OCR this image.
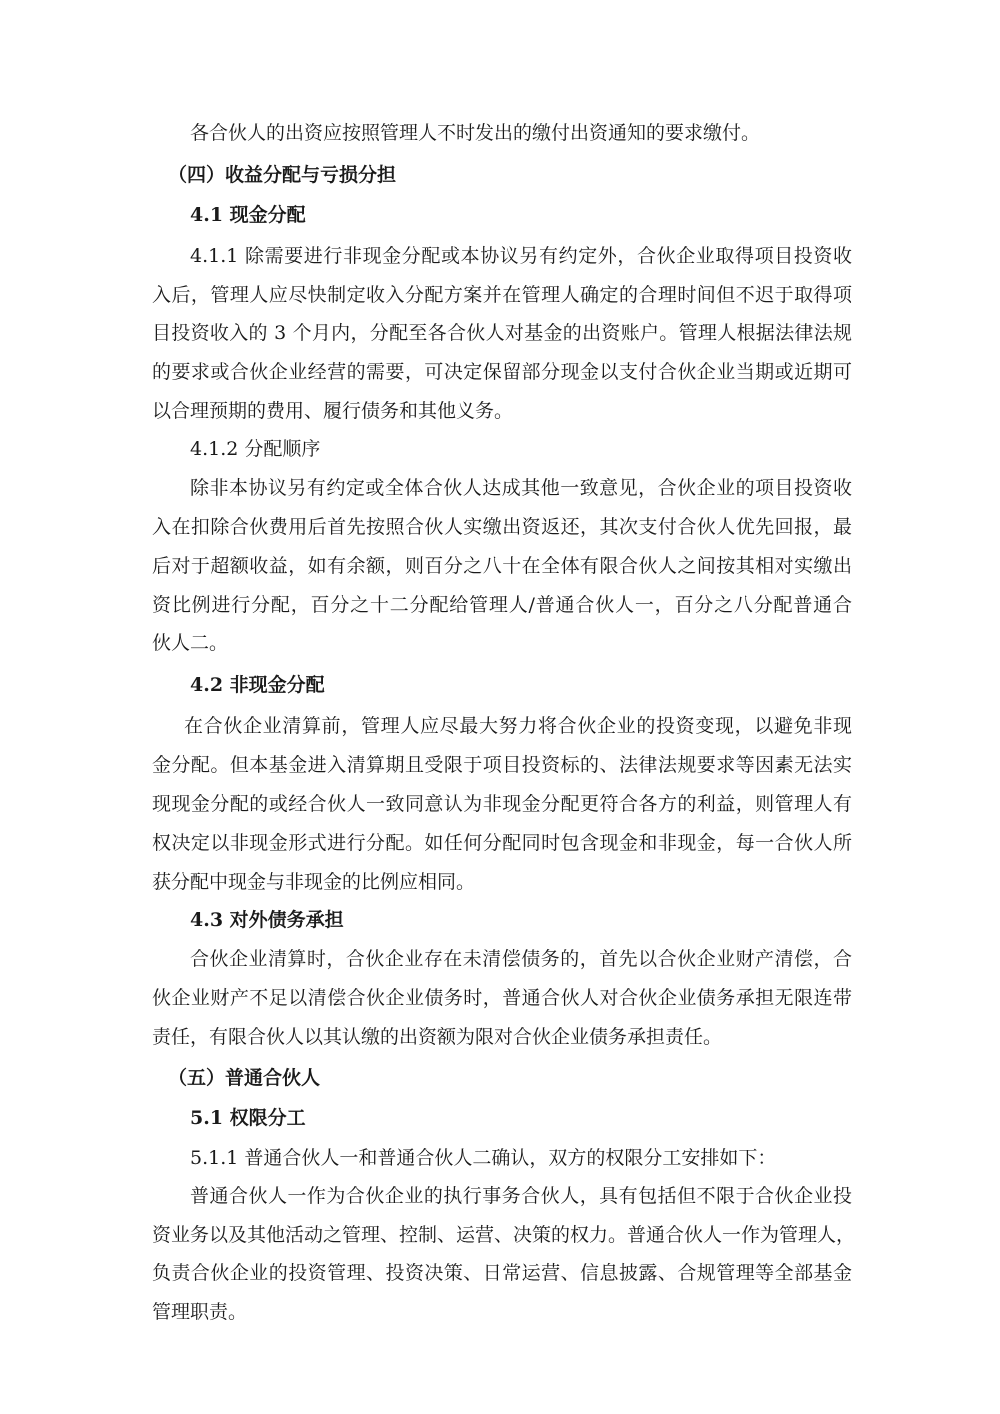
各合伙人的出资应按照管理人不时发出的缴付出资通知的要求缴付。
（四）收益分配与亏损分担
4.1 现金分配
4.1.1 除需要进行非现金分配或本协议另有约定外，合伙企业取得项目投资收
入后，管理人应尽快制定收入分配方案并在管理人确定的合理时间但不迟于取得项
目投资收入的 3 个月内，分配至各合伙人对基金的出资账户。管理人根据法律法规
的要求或合伙企业经营的需要，可决定保留部分现金以支付合伙企业当期或近期可
以合理预期的费用、履行债务和其他义务。
4.1.2 分配顺序
除非本协议另有约定或全体合伙人达成其他一致意见，合伙企业的项目投资收
入在扣除合伙费用后首先按照合伙人实缴出资返还，其次支付合伙人优先回报，最
后对于超额收益，如有余额，则百分之八十在全体有限合伙人之间按其相对实缴出
资比例进行分配，百分之十二分配给管理人/普通合伙人一，百分之八分配普通合
伙人二。
4.2 非现金分配
在合伙企业清算前，管理人应尽最大努力将合伙企业的投资变现，以避免非现
金分配。但本基金进入清算期且受限于项目投资标的、法律法规要求等因素无法实
现现金分配的或经合伙人一致同意认为非现金分配更符合各方的利益，则管理人有
权决定以非现金形式进行分配。如任何分配同时包含现金和非现金，每一合伙人所
获分配中现金与非现金的比例应相同。
4.3 对外债务承担
合伙企业清算时，合伙企业存在未清偿债务的，首先以合伙企业财产清偿，合
伙企业财产不足以清偿合伙企业债务时，普通合伙人对合伙企业债务承担无限连带
责任，有限合伙人以其认缴的出资额为限对合伙企业债务承担责任。
（五）普通合伙人
5.1 权限分工
5.1.1 普通合伙人一和普通合伙人二确认，双方的权限分工安排如下：
普通合伙人一作为合伙企业的执行事务合伙人，具有包括但不限于合伙企业投
资业务以及其他活动之管理、控制、运营、决策的权力。普通合伙人一作为管理人，
负责合伙企业的投资管理、投资决策、日常运营、信息披露、合规管理等全部基金
管理职责。
